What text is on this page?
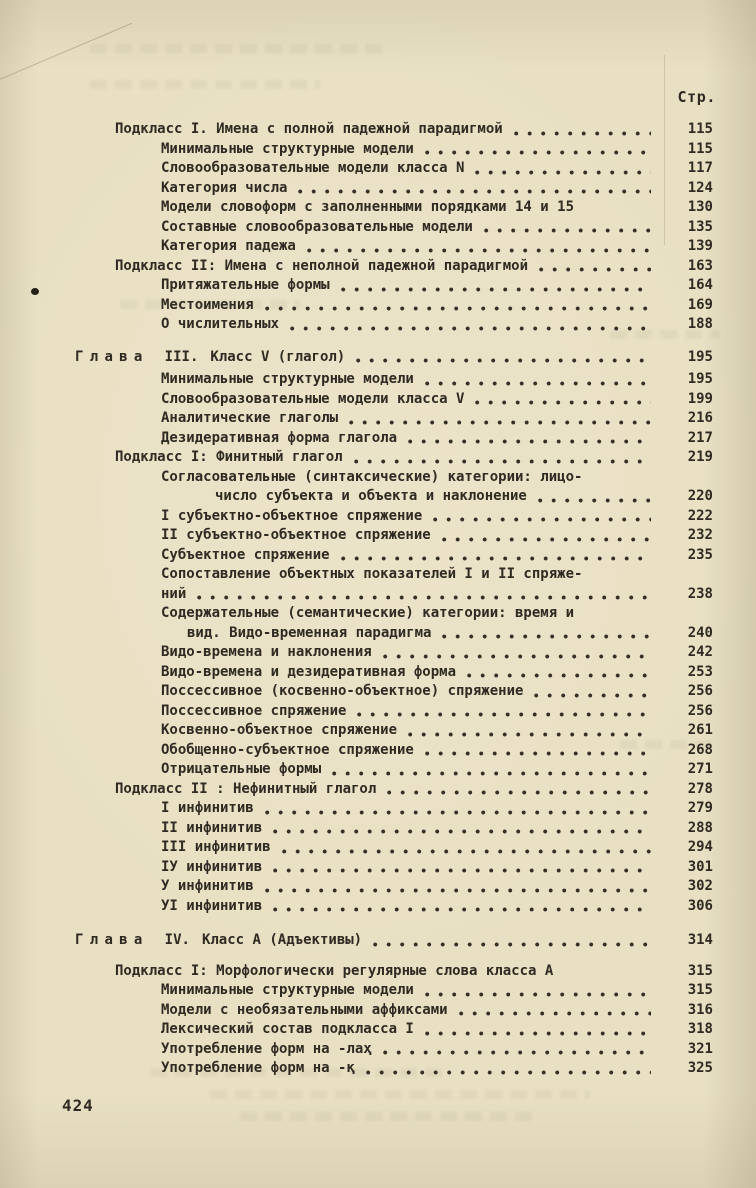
Стр.
Подкласс I. Имена с полной падежной парадигмой	115
Минимальные структурные модели	115
Словообразовательные модели класса N	117
Категория числа	124
Модели словоформ с заполненными порядками 14 и 15	130
Составные словообразовательные модели	135
Категория падежа	139
Подкласс II: Имена с неполной падежной парадигмой	163
Притяжательные формы	164
Местоимения	169
О числительных	188
Глава III. Класс V (глагол)	195
Минимальные структурные модели	195
Словообразовательные модели класса V	199
Аналитические глаголы	216
Дезидеративная форма глагола	217
Подкласс I: Финитный глагол	219
Согласовательные (синтаксические) категории: лицо-
число субъекта и объекта и наклонение	220
I субъектно-объектное спряжение	222
II субъектно-объектное спряжение	232
Субъектное спряжение	235
Сопоставление объектных показателей I и II спряже-
ний	238
Содержательные (семантические) категории: время и
вид. Видо-временная парадигма	240
Видо-времена и наклонения	242
Видо-времена и дезидеративная форма	253
Поссессивное (косвенно-объектное) спряжение	256
Поссессивное спряжение	256
Косвенно-объектное спряжение	261
Обобщенно-субъектное спряжение	268
Отрицательные формы	271
Подкласс II : Нефинитный глагол	278
I инфинитив	279
II инфинитив	288
III инфинитив	294
IУ инфинитив	301
У инфинитив	302
УI инфинитив	306
Глава IV. Класс А (Адъективы)	314
Подкласс I: Морфологически регулярные слова класса А	315
Минимальные структурные модели	315
Модели с необязательными аффиксами	316
Лексический состав подкласса I	318
Употребление форм на -лаҳ	321
Употребление форм на -қ	325
424
